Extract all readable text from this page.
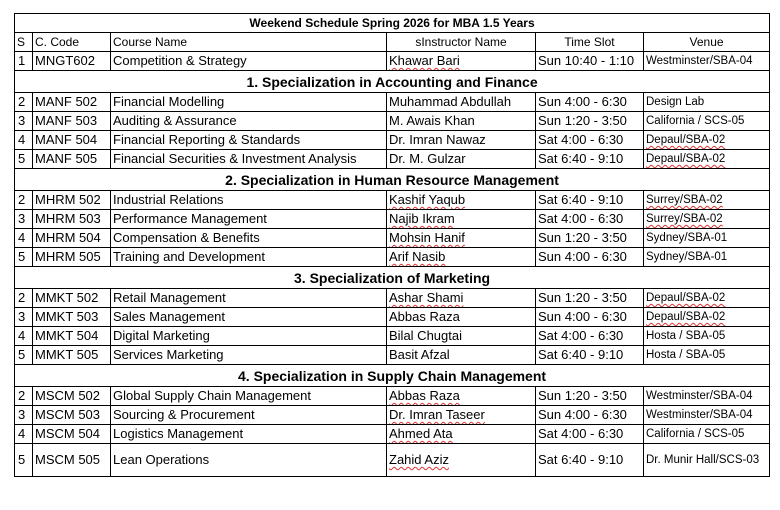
Weekend Schedule Spring 2026 for MBA 1.5 Years					
S	C. Code	Course Name	sInstructor Name	Time Slot	Venue
1	MNGT602	Competition & Strategy	Khawar Bari	Sun 10:40 - 1:10	Westminster/SBA-04
1. Specialization in Accounting and Finance					
2	MANF 502	Financial Modelling	Muhammad Abdullah	Sun 4:00 - 6:30	Design Lab
3	MANF 503	Auditing & Assurance	M. Awais Khan	Sun 1:20 - 3:50	California / SCS-05
4	MANF 504	Financial Reporting & Standards	Dr. Imran Nawaz	Sat 4:00 - 6:30	Depaul/SBA-02
5	MANF 505	Financial Securities & Investment Analysis	Dr. M. Gulzar	Sat 6:40 - 9:10	Depaul/SBA-02
2. Specialization in Human Resource Management					
2	MHRM 502	Industrial Relations	Kashif Yaqub	Sat 6:40 - 9:10	Surrey/SBA-02
3	MHRM 503	Performance Management	Najib Ikram	Sat 4:00 - 6:30	Surrey/SBA-02
4	MHRM 504	Compensation & Benefits	Mohsin Hanif	Sun 1:20 - 3:50	Sydney/SBA-01
5	MHRM 505	Training and Development	Arif Nasib	Sun 4:00 - 6:30	Sydney/SBA-01
3. Specialization of Marketing					
2	MMKT 502	Retail Management	Ashar Shami	Sun 1:20 - 3:50	Depaul/SBA-02
3	MMKT 503	Sales Management	Abbas Raza	Sun 4:00 - 6:30	Depaul/SBA-02
4	MMKT 504	Digital Marketing	Bilal Chugtai	Sat 4:00 - 6:30	Hosta / SBA-05
5	MMKT 505	Services Marketing	Basit Afzal	Sat 6:40 - 9:10	Hosta / SBA-05
4. Specialization in Supply Chain Management					
2	MSCM 502	Global Supply Chain Management	Abbas Raza	Sun 1:20 - 3:50	Westminster/SBA-04
3	MSCM 503	Sourcing & Procurement	Dr. Imran Taseer	Sun 4:00 - 6:30	Westminster/SBA-04
4	MSCM 504	Logistics Management	Ahmed Ata	Sat 4:00 - 6:30	California / SCS-05
5	MSCM 505	Lean Operations	Zahid Aziz	Sat 6:40 - 9:10	Dr. Munir Hall/SCS-03
